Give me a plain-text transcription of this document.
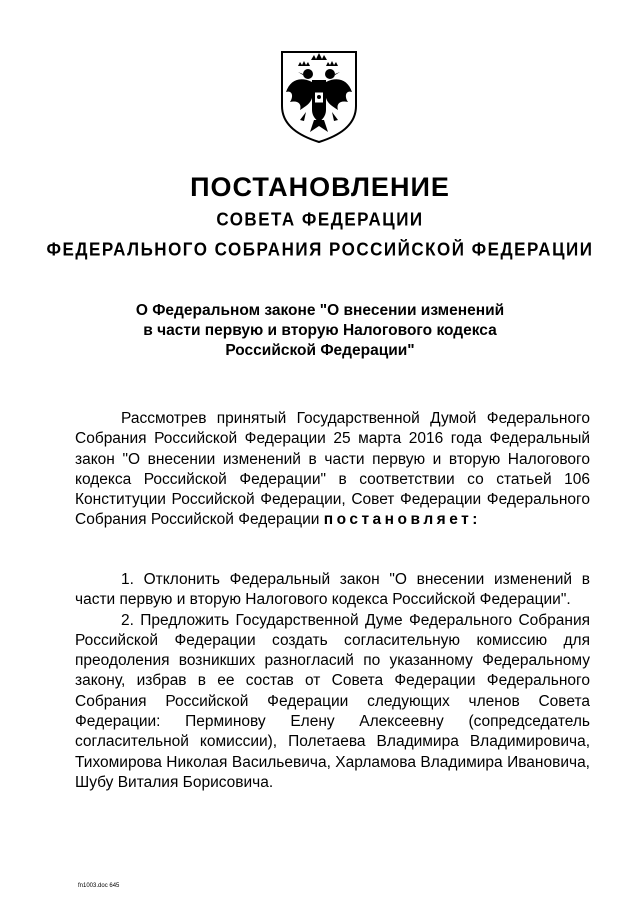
ПОСТАНОВЛЕНИЕ
СОВЕТА ФЕДЕРАЦИИ
ФЕДЕРАЛЬНОГО СОБРАНИЯ РОССИЙСКОЙ ФЕДЕРАЦИИ
О Федеральном законе "О внесении изменений
в части первую и вторую Налогового кодекса
Российской Федерации"

Рассмотрев принятый Государственной Думой Федерального Собрания Российской Федерации 25 марта 2016 года Федеральный закон "О внесении изменений в части первую и вторую Налогового кодекса Российской Федерации" в соответствии со статьей 106 Конституции Российской Федерации, Совет Федерации Федерального Собрания Российской Федерации постановляет:

1. Отклонить Федеральный закон "О внесении изменений в части первую и вторую Налогового кодекса Российской Федерации".

2. Предложить Государственной Думе Федерального Собрания Российской Федерации создать согласительную комиссию для преодоления возникших разногласий по указанному Федеральному закону, избрав в ее состав от Совета Федерации Федерального Собрания Российской Федерации следующих членов Совета Федерации: Перминову Елену Алексеевну (сопредседатель согласительной комиссии), Полетаева Владимира Владимировича, Тихомирова Николая Васильевича, Харламова Владимира Ивановича, Шубу Виталия Борисовича.

fn1003.doc 645
